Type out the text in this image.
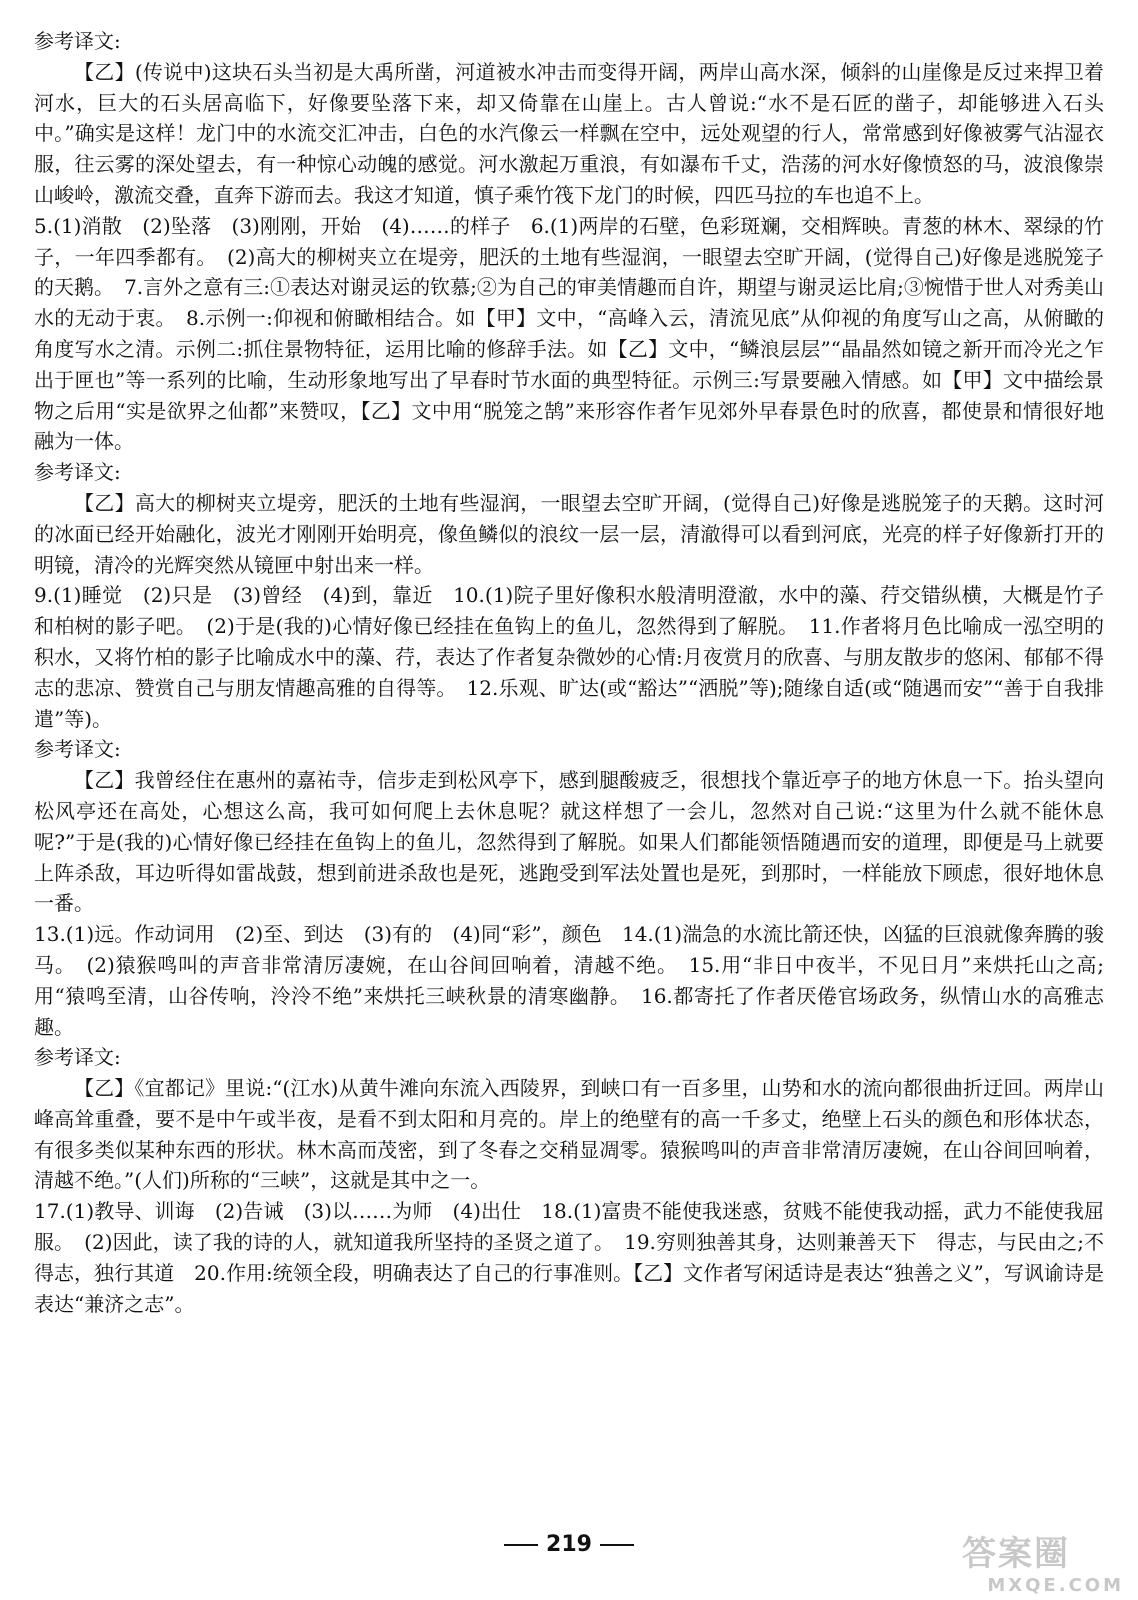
参考译文:

【乙】(传说中)这块石头当初是大禹所凿，河道被水冲击而变得开阔，两岸山高水深，倾斜的山崖像是反过来捍卫着河水，巨大的石头居高临下，好像要坠落下来，却又倚靠在山崖上。古人曾说:“水不是石匠的凿子，却能够进入石头中。”确实是这样！龙门中的水流交汇冲击，白色的水汽像云一样飘在空中，远处观望的行人，常常感到好像被雾气沾湿衣服，往云雾的深处望去，有一种惊心动魄的感觉。河水激起万重浪，有如瀑布千丈，浩荡的河水好像愤怒的马，波浪像崇山峻岭，激流交叠，直奔下游而去。我这才知道，慎子乘竹筏下龙门的时候，四匹马拉的车也追不上。

5.(1)消散　(2)坠落　(3)刚刚，开始　(4)……的样子　6.(1)两岸的石壁，色彩斑斓，交相辉映。青葱的林木、翠绿的竹子，一年四季都有。　(2)高大的柳树夹立在堤旁，肥沃的土地有些湿润，一眼望去空旷开阔，(觉得自己)好像是逃脱笼子的天鹅。　7.言外之意有三:①表达对谢灵运的钦慕;②为自己的审美情趣而自许，期望与谢灵运比肩;③惋惜于世人对秀美山水的无动于衷。　8.示例一:仰视和俯瞰相结合。如【甲】文中，“高峰入云，清流见底”从仰视的角度写山之高，从俯瞰的角度写水之清。示例二:抓住景物特征，运用比喻的修辞手法。如【乙】文中，“鳞浪层层”“晶晶然如镜之新开而冷光之乍出于匣也”等一系列的比喻，生动形象地写出了早春时节水面的典型特征。示例三:写景要融入情感。如【甲】文中描绘景物之后用“实是欲界之仙都”来赞叹，【乙】文中用“脱笼之鹄”来形容作者乍见郊外早春景色时的欣喜，都使景和情很好地融为一体。

参考译文:

【乙】高大的柳树夹立堤旁，肥沃的土地有些湿润，一眼望去空旷开阔，(觉得自己)好像是逃脱笼子的天鹅。这时河的冰面已经开始融化，波光才刚刚开始明亮，像鱼鳞似的浪纹一层一层，清澈得可以看到河底，光亮的样子好像新打开的明镜，清冷的光辉突然从镜匣中射出来一样。

9.(1)睡觉　(2)只是　(3)曾经　(4)到，靠近　10.(1)院子里好像积水般清明澄澈，水中的藻、荇交错纵横，大概是竹子和柏树的影子吧。　(2)于是(我的)心情好像已经挂在鱼钩上的鱼儿，忽然得到了解脱。　11.作者将月色比喻成一泓空明的积水，又将竹柏的影子比喻成水中的藻、荇，表达了作者复杂微妙的心情:月夜赏月的欣喜、与朋友散步的悠闲、郁郁不得志的悲凉、赞赏自己与朋友情趣高雅的自得等。　12.乐观、旷达(或“豁达”“洒脱”等);随缘自适(或“随遇而安”“善于自我排遣”等)。

参考译文:

【乙】我曾经住在惠州的嘉祐寺，信步走到松风亭下，感到腿酸疲乏，很想找个靠近亭子的地方休息一下。抬头望向松风亭还在高处，心想这么高，我可如何爬上去休息呢？就这样想了一会儿，忽然对自己说:“这里为什么就不能休息呢?”于是(我的)心情好像已经挂在鱼钩上的鱼儿，忽然得到了解脱。如果人们都能领悟随遇而安的道理，即便是马上就要上阵杀敌，耳边听得如雷战鼓，想到前进杀敌也是死，逃跑受到军法处置也是死，到那时，一样能放下顾虑，很好地休息一番。

13.(1)远。作动词用　(2)至、到达　(3)有的　(4)同“彩”，颜色　14.(1)湍急的水流比箭还快，凶猛的巨浪就像奔腾的骏马。　(2)猿猴鸣叫的声音非常清厉凄婉，在山谷间回响着，清越不绝。　15.用“非日中夜半，不见日月”来烘托山之高;用“猿鸣至清，山谷传响，泠泠不绝”来烘托三峡秋景的清寒幽静。　16.都寄托了作者厌倦官场政务，纵情山水的高雅志趣。

参考译文:

【乙】《宜都记》里说:“(江水)从黄牛滩向东流入西陵界，到峡口有一百多里，山势和水的流向都很曲折迂回。两岸山峰高耸重叠，要不是中午或半夜，是看不到太阳和月亮的。岸上的绝壁有的高一千多丈，绝壁上石头的颜色和形体状态，有很多类似某种东西的形状。林木高而茂密，到了冬春之交稍显凋零。猿猴鸣叫的声音非常清厉凄婉，在山谷间回响着，清越不绝。”(人们)所称的“三峡”，这就是其中之一。

17.(1)教导、训诲　(2)告诫　(3)以……为师　(4)出仕　18.(1)富贵不能使我迷惑，贫贱不能使我动摇，武力不能使我屈服。　(2)因此，读了我的诗的人，就知道我所坚持的圣贤之道了。　19.穷则独善其身，达则兼善天下　得志，与民由之;不得志，独行其道　20.作用:统领全段，明确表达了自己的行事准则。【乙】文作者写闲适诗是表达“独善之义”，写讽谕诗是表达“兼济之志”。

219	答案圈
MXQE.COM
